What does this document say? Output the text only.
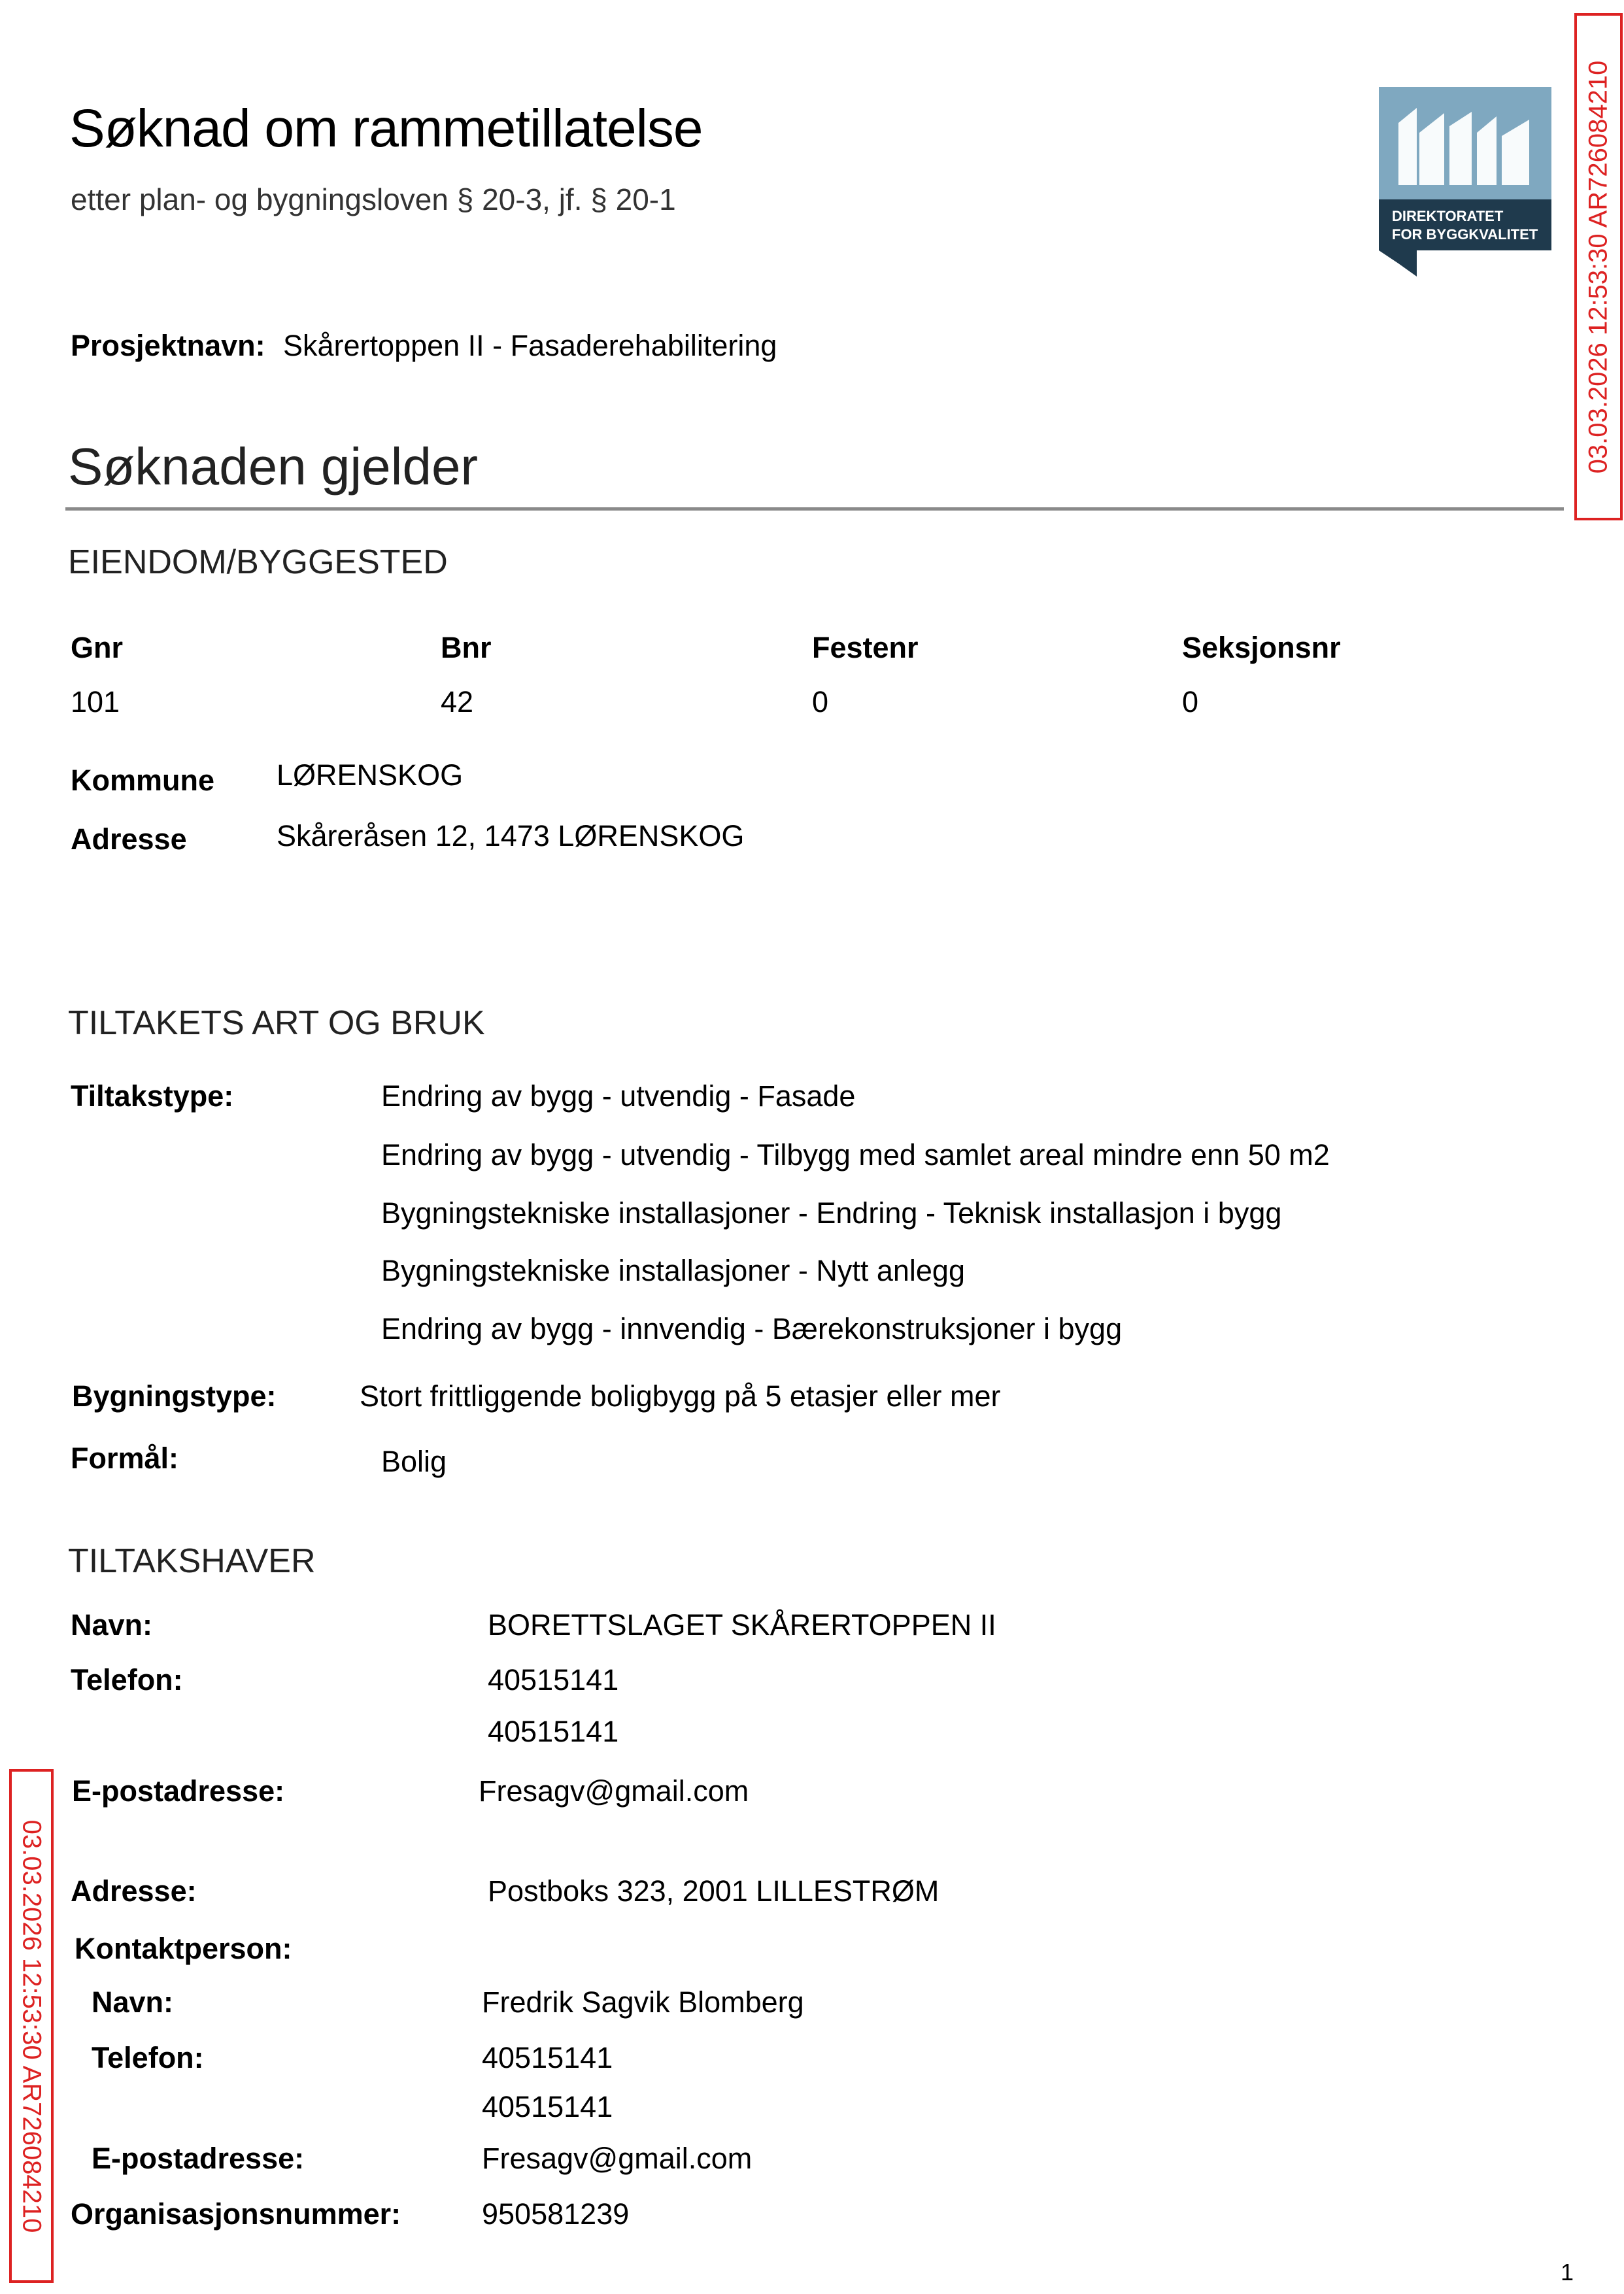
Søknad om rammetillatelse
etter plan- og bygningsloven § 20-3, jf. § 20-1	DIREKTORATET
FOR BYGGKVALITET 03.03.2026 12:53:30 AR726084210
03.03.2026 12:53:30 AR726084210
Prosjektnavn: Skårertoppen II - Fasaderehabilitering
Søknaden gjelder
EIENDOM/BYGGESTED
Gnr	Bnr	Festenr	Seksjonsnr
101	42	0	0
Kommune LØRENSKOG
Adresse	Skåreråsen 12, 1473 LØRENSKOG
TILTAKETS ART OG BRUK
Tiltakstype:	Endring av bygg - utvendig - Fasade
Endring av bygg - utvendig - Tilbygg med samlet areal mindre enn 50 m2
Bygningstekniske installasjoner - Endring - Teknisk installasjon i bygg
Bygningstekniske installasjoner - Nytt anlegg
Endring av bygg - innvendig - Bærekonstruksjoner i bygg
Bygningstype:	Stort frittliggende boligbygg på 5 etasjer eller mer
Formål:	Bolig
TILTAKSHAVER
Navn:	BORETTSLAGET SKÅRERTOPPEN II
Telefon:	40515141
40515141
E-postadresse:	Fresagv@gmail.com
Adresse:	Postboks 323, 2001 LILLESTRØM
Kontaktperson:
Navn:	Fredrik Sagvik Blomberg
Telefon:	40515141
40515141
E-postadresse:	Fresagv@gmail.com
Organisasjonsnummer:	950581239
1
